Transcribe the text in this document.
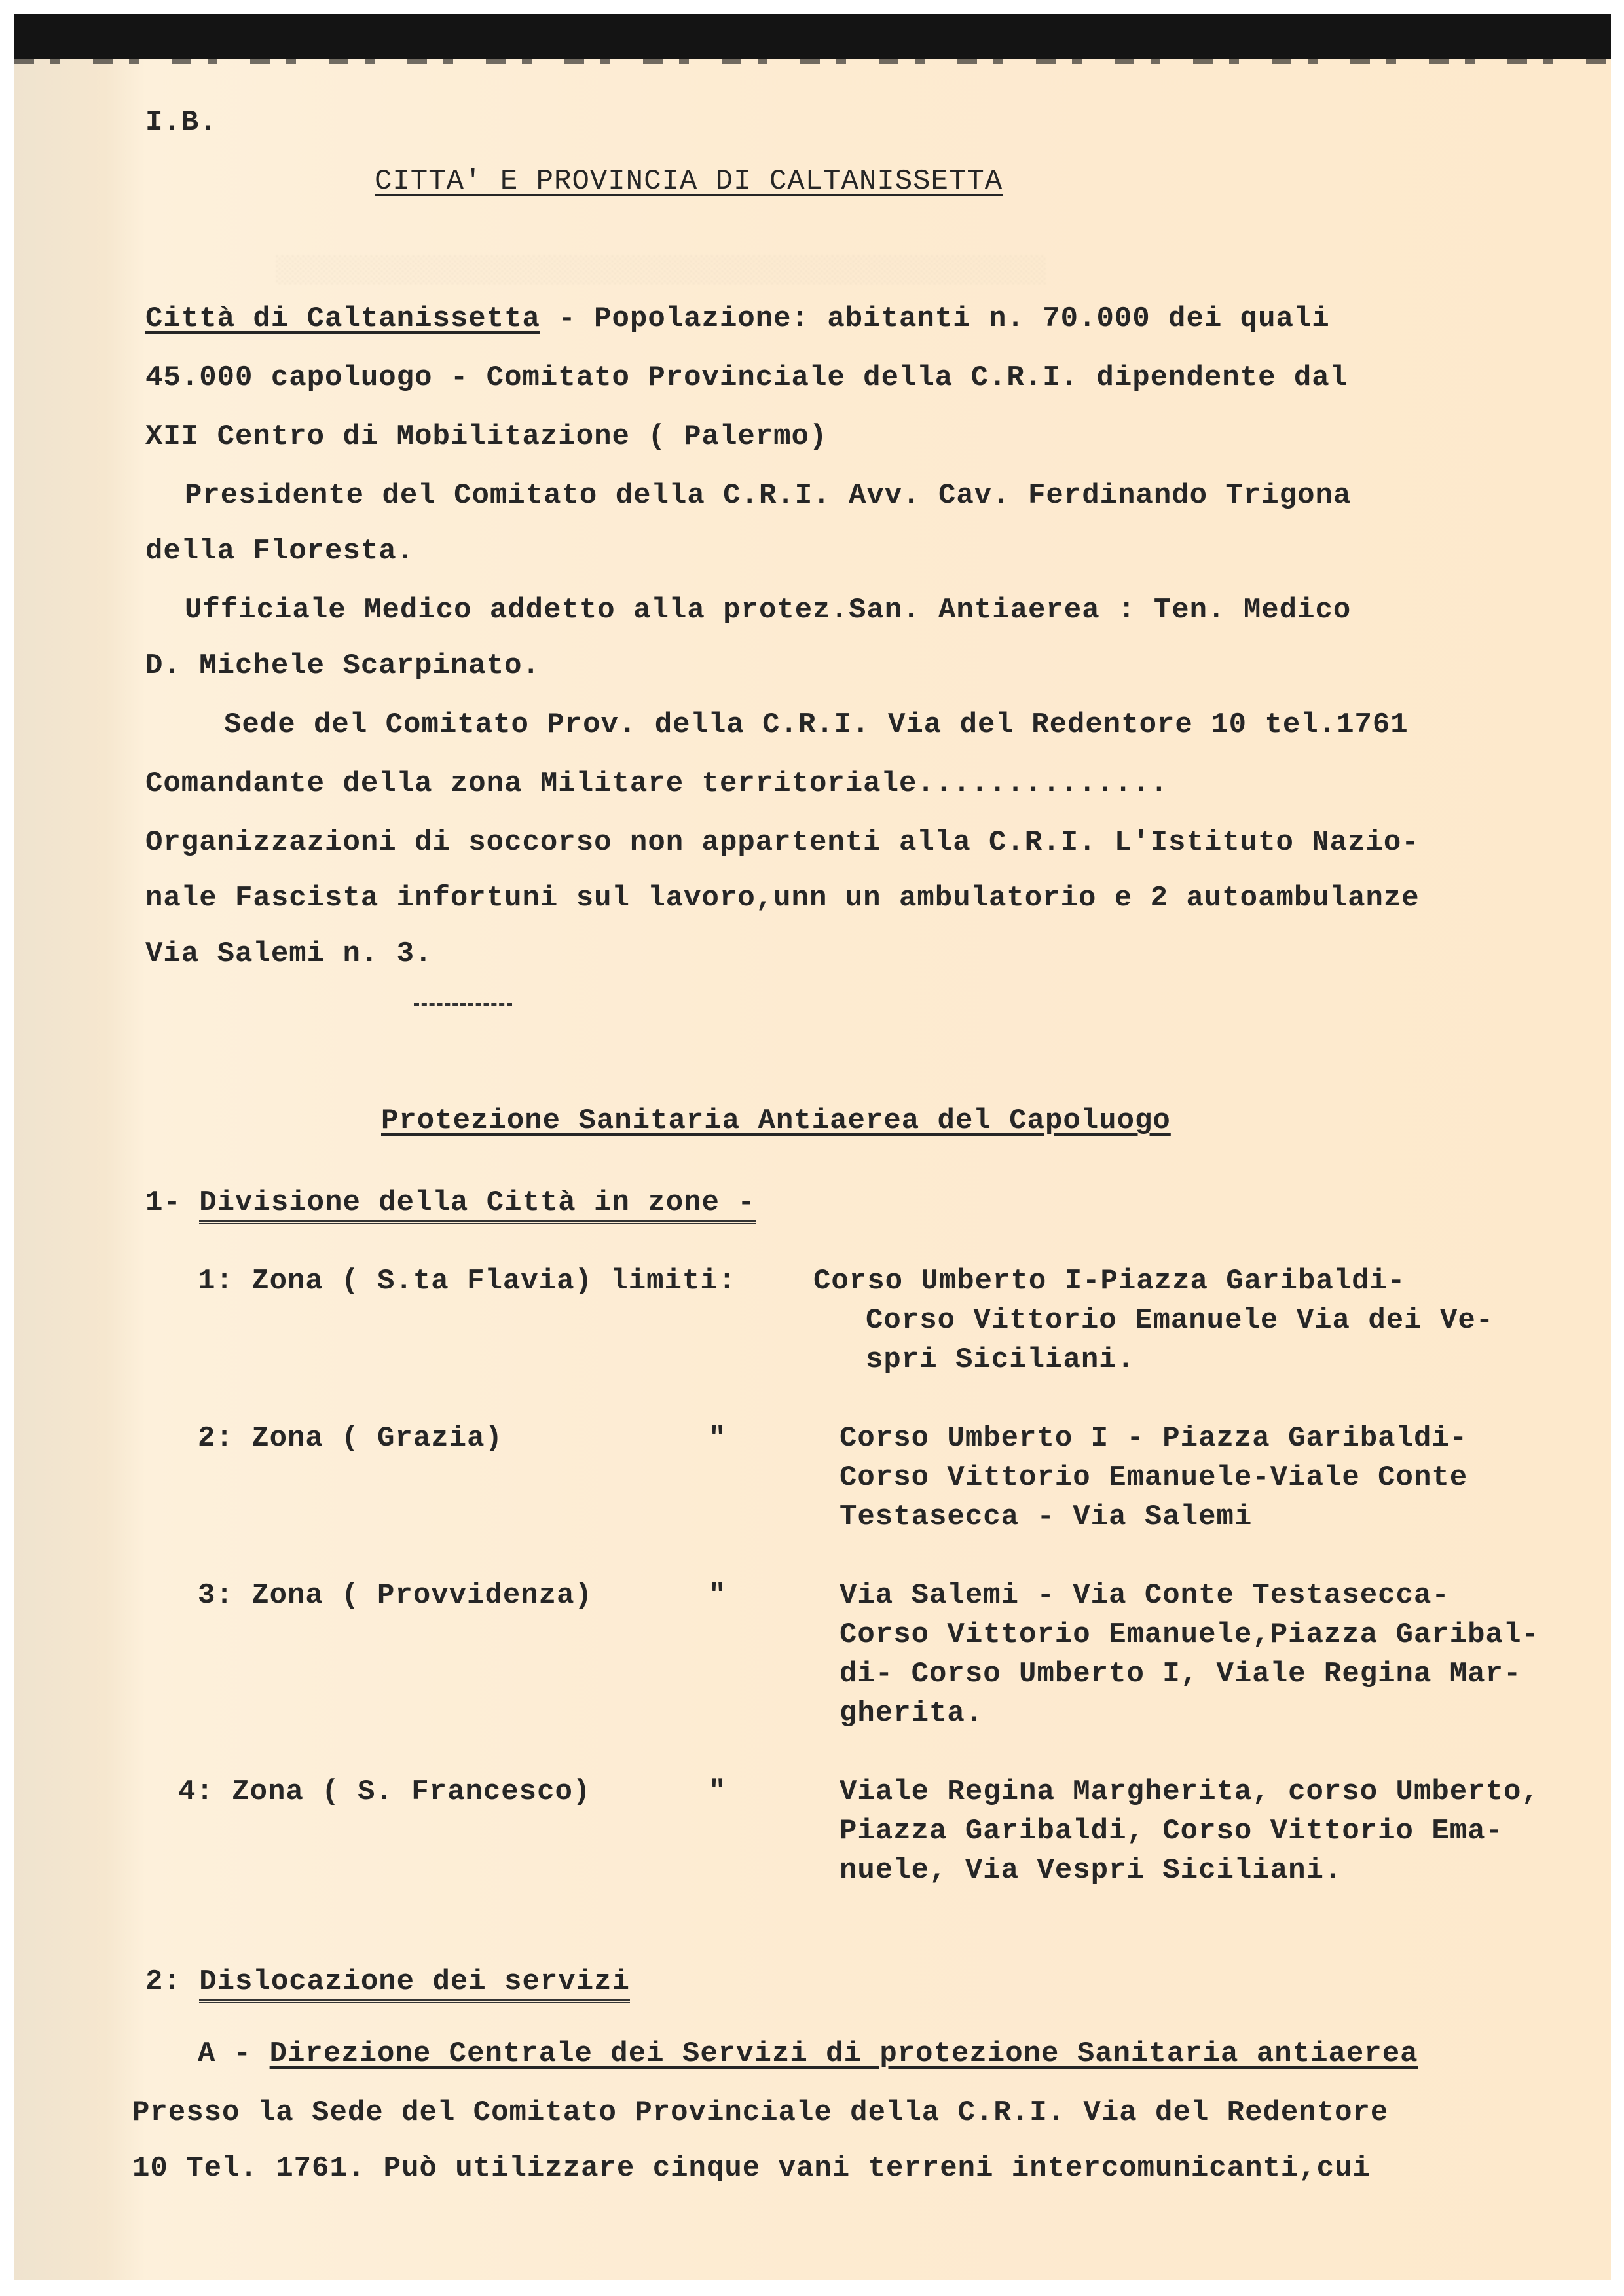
░░░░░░░░░░░░░░░░░░░░░░░░░░░░░░░░░░░░░░░░░░░░░░░░░
I.B.
CITTA' E PROVINCIA DI CALTANISSETTA
Città di Caltanissetta - Popolazione: abitanti n. 70.000 dei quali
45.000 capoluogo - Comitato Provinciale della C.R.I. dipendente dal
XII Centro di Mobilitazione ( Palermo)
Presidente del Comitato della C.R.I. Avv. Cav. Ferdinando Trigona
della Floresta.
Ufficiale Medico addetto alla protez.San. Antiaerea : Ten. Medico
D. Michele Scarpinato.
Sede del Comitato Prov. della C.R.I. Via del Redentore 10 tel.1761
Comandante della zona Militare territoriale..............
Organizzazioni di soccorso non appartenti alla C.R.I. L'Istituto Nazio-
nale Fascista infortuni sul lavoro,unn un ambulatorio e 2 autoambulanze
Via Salemi n. 3.
Protezione Sanitaria Antiaerea del Capoluogo
1- Divisione della Città in zone -
1: Zona ( S.ta Flavia) limiti:	Corso Umberto I-Piazza Garibaldi-
Corso Vittorio Emanuele Via dei Ve-
spri Siciliani.
2: Zona ( Grazia)	"	Corso Umberto I - Piazza Garibaldi-
Corso Vittorio Emanuele-Viale Conte
Testasecca - Via Salemi
3: Zona ( Provvidenza)	"	Via Salemi - Via Conte Testasecca-
Corso Vittorio Emanuele,Piazza Garibal-
di- Corso Umberto I, Viale Regina Mar-
gherita.
4: Zona ( S. Francesco)	"	Viale Regina Margherita, corso Umberto,
Piazza Garibaldi, Corso Vittorio Ema-
nuele, Via Vespri Siciliani.
2: Dislocazione dei servizi
A - Direzione Centrale dei Servizi di protezione Sanitaria antiaerea
Presso la Sede del Comitato Provinciale della C.R.I. Via del Redentore
10 Tel. 1761. Può utilizzare cinque vani terreni intercomunicanti,cui
